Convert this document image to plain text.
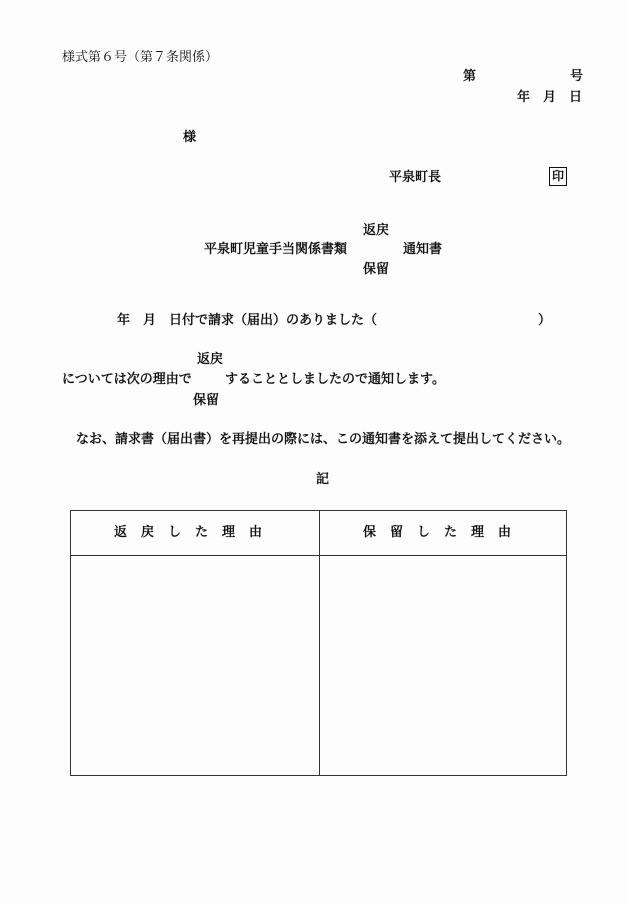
様式第６号（第７条関係）
第	号
年　月　日
様
平泉町長	印
返戻
平泉町児童手当関係書類	通知書
保留
年　月　日付で請求（届出）のありました（	）
返戻
については次の理由で	することとしましたので通知します。
保留
なお、請求書（届出書）を再提出の際には、この通知書を添えて提出してください。
記
返戻した理由	保留した理由
